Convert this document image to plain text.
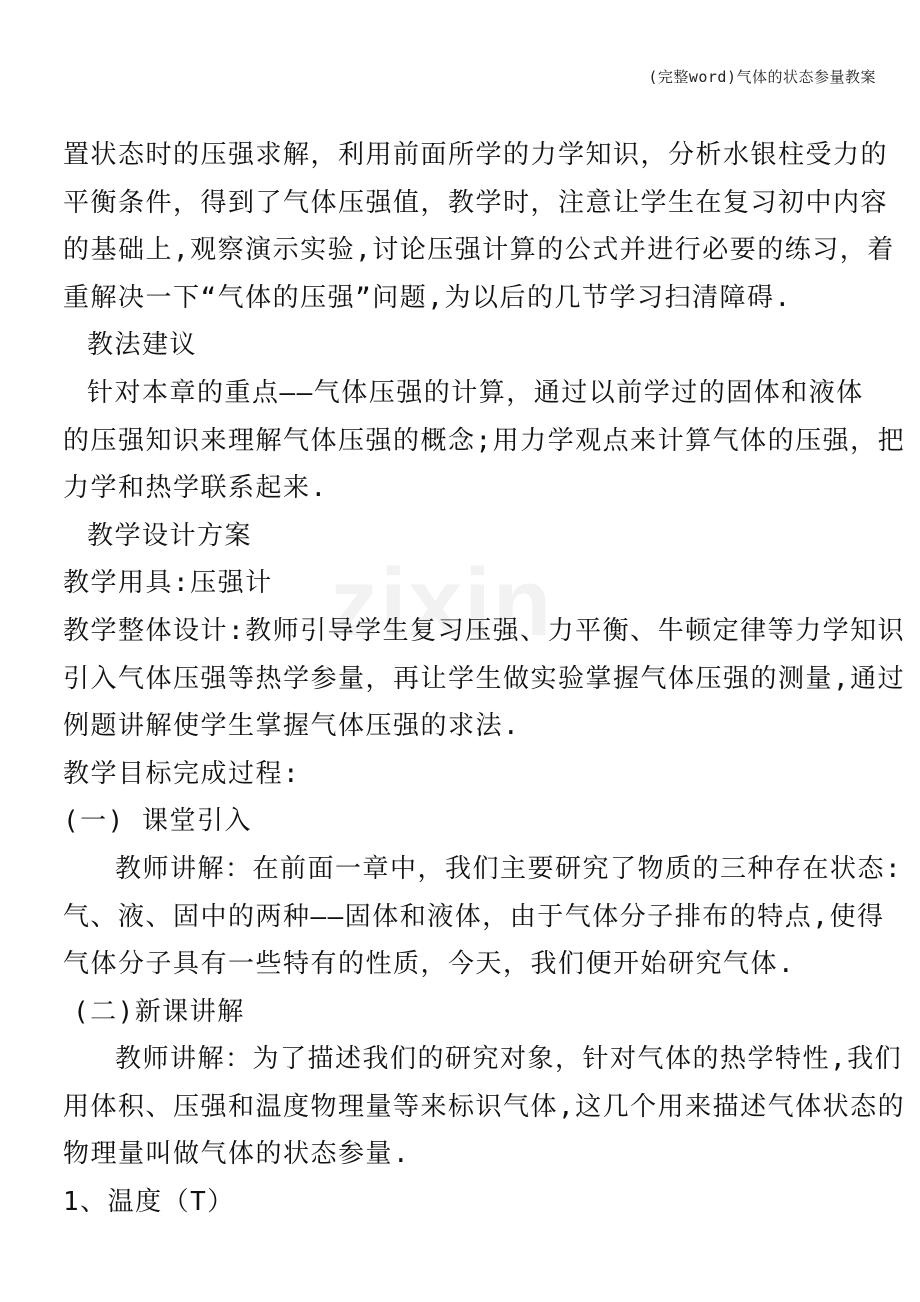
(完整word)气体的状态参量教案
zixin

置状态时的压强求解，利用前面所学的力学知识，分析水银柱受力的

平衡条件，得到了气体压强值，教学时，注意让学生在复习初中内容

的基础上,观察演示实验,讨论压强计算的公式并进行必要的练习，着

重解决一下“气体的压强”问题,为以后的几节学习扫清障碍.

教法建议

针对本章的重点——气体压强的计算，通过以前学过的固体和液体

的压强知识来理解气体压强的概念;用力学观点来计算气体的压强，把

力学和热学联系起来.

教学设计方案

教学用具:压强计

教学整体设计:教师引导学生复习压强、力平衡、牛顿定律等力学知识

引入气体压强等热学参量，再让学生做实验掌握气体压强的测量,通过

例题讲解使学生掌握气体压强的求法.

教学目标完成过程:

(一) 课堂引入

教师讲解：在前面一章中，我们主要研究了物质的三种存在状态:

气、液、固中的两种——固体和液体，由于气体分子排布的特点,使得

气体分子具有一些特有的性质，今天，我们便开始研究气体.

(二)新课讲解

教师讲解：为了描述我们的研究对象，针对气体的热学特性,我们

用体积、压强和温度物理量等来标识气体,这几个用来描述气体状态的

物理量叫做气体的状态参量.

1、温度（T）
